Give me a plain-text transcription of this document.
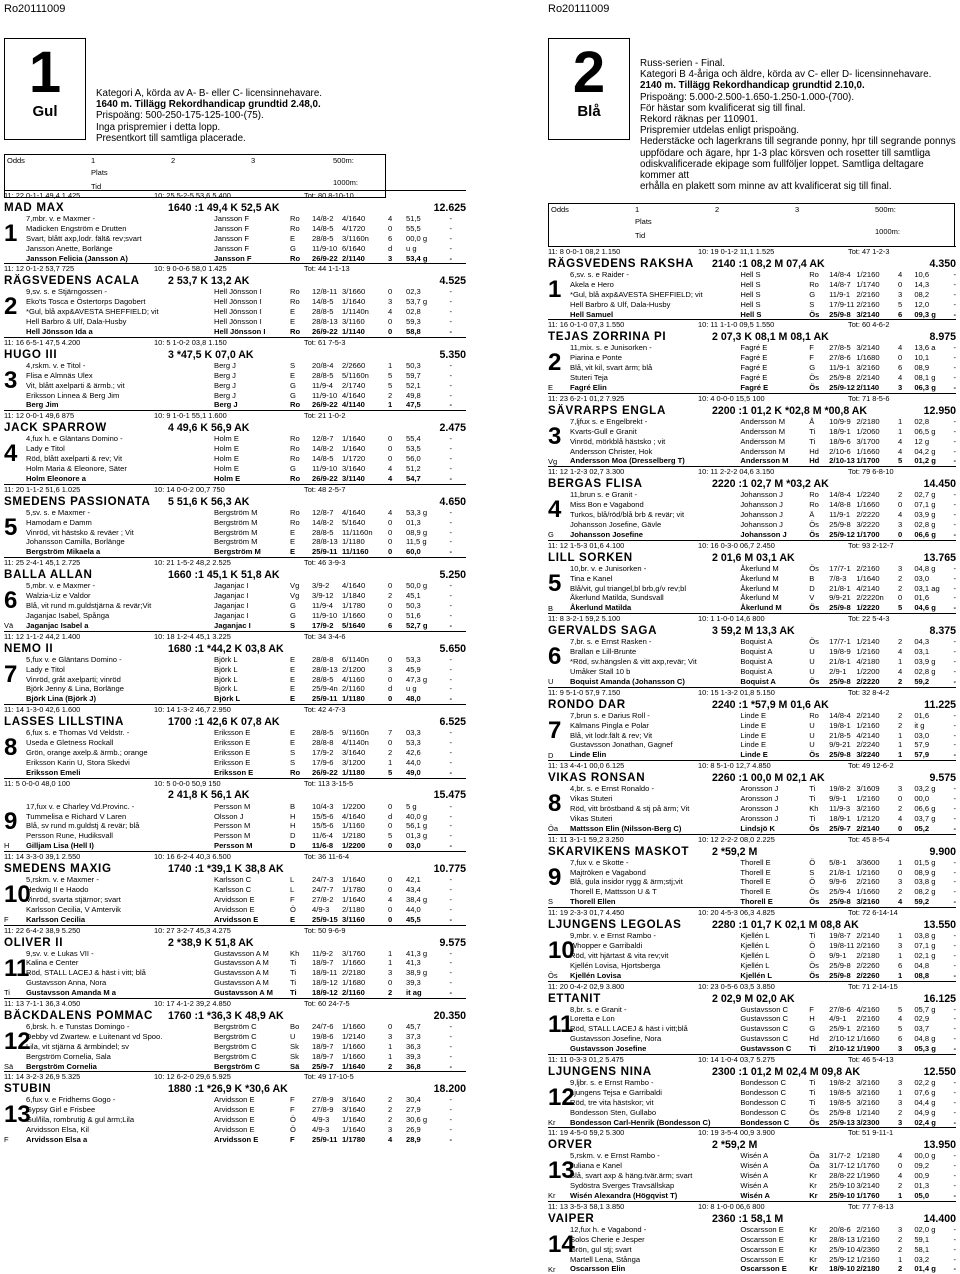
Ro20111009
1
Gul
Kategori A, körda av A- B- eller C- licensinnehavare.
1640 m. Tillägg Rekordhandicap grundtid 2.48,0.
Prispoäng: 500-250-175-125-100-(75).
Inga prispremier i detta lopp.
Presentkort till samtliga placerade.
Odds	1	2	3	500m:
Plats
Tid	1000m:
11: 22 0-1-1 49,4 1.425	10: 25 5-2-5 53,6 5.400	Tot: 80 8-10-10
MAD MAX	1640 :1 49,4 K 52,5 AK	12.625
1
7,mbr. v. e Maxmer -	Jansson F	Ro	14/8-2	4/1640	4	51,5	-
Madicken Engström e Drutten	Jansson F	Ro	14/8-5	4/1720	0	55,5	-
Svart, blått axp,lodr. fält& rev;svart	Jansson F	E	28/8-5	3/1160n	6	00,0 g	-
Jansson Anette, Borlänge	Jansson F	G	11/9-10 6/1640	d	u g	-
Jansson Felicia (Jansson A)	Jansson F	Ro	26/9-22 2/1140	3	53,4 g	-
11: 12 0-1-2 53,7 725	10: 9 0-0-6 58,0 1.425	Tot: 44 1-1-13
RÄGSVEDENS ACALA	2 53,7 K 13,2 AK	4.525
2
9,sv. s. e Stjärngossen -	Hell Jönsson I	Ro	12/8-11 3/1660	0	02,3	-
Eko'ts Tosca e Östertorps Dagobert	Hell Jönsson I	Ro	14/8-5	1/1640	3	53,7 g	-
*Gul, blå axp&AVESTA SHEFFIELD; vit	Hell Jönsson I	E	28/8-5	1/1140n	4	02,8	-
Hell Barbro & Ulf, Dala-Husby	Hell Jönsson I	E	28/8-13 3/1160	0	59,3	-
Hell Jönsson Ida a	Hell Jönsson I	Ro	26/9-22 1/1140	0	58,8	-
11: 16 6-5-1 47,5 4.200	10: 5 1-0-2 03,8 1.150	Tot: 61 7-5-3
HUGO III	3 *47,5 K 07,0 AK	5.350
3
4,rskm. v. e Titol -	Berg J	S	20/8-4	2/2660	1	50,3	-
Flisa e Almnäs Ulex	Berg J	E	28/8-5	5/1160n	5	59,7	-
Vit, blått axelparti & ärmb.; vit	Berg J	G	11/9-4	2/1740	5	52,1	-
Eriksson Linnea & Berg Jim	Berg J	G	11/9-10 4/1640	2	49,8	-
Berg Jim	Berg J	Ro	26/9-22 4/1140	1	47,5	-
11: 12 0-0-1 49,6 875	10: 9 1-0-1 55,1 1.600	Tot: 21 1-0-2
JACK SPARROW	4 49,6 K 56,9 AK	2.475
4
4,fux h. e Gläntans Domino -	Holm E	Ro	12/8-7	1/1640	0	55,4	-
Lady e Titol	Holm E	Ro	14/8-2	1/1640	0	53,5	-
Röd, blått axelparti & rev; Vit	Holm E	Ro	14/8-5	1/1720	0	56,0	-
Holm Maria & Eleonore, Säter	Holm E	G	11/9-10 3/1640	4	51,2	-
Holm Eleonore a	Holm E	Ro	26/9-22 3/1140	4	54,7	-
11: 20 1-1-2 51,6 1.025	10: 14 0-0-2 00,7 750	Tot: 48 2-5-7
SMEDENS PASSIONATA	5 51,6 K 56,3 AK	4.650
5
5,sv. s. e Maxmer -	Bergström M	Ro	12/8-7	4/1640	4	53,3 g	-
Hamodam e Damm	Bergström M	Ro	14/8-2	5/1640	0	01,3	-
Vinröd, vit hästsko & reväer ; Vit	Bergström M	E	28/8-5	11/1160n	0	08,9 g	-
Johansson Camilla, Borlänge	Bergström M	E	28/8-13 1/1180	0	11,5 g	-
Bergström Mikaela a	Bergström M	E	25/9-11 11/1160	0	60,0	-
11: 25 2-4-1 45,1 2.725	10: 21 1-5-2 48,2 2.525	Tot: 46 3-9-3
BALLA ALLAN	1660 :1 45,1 K 51,8 AK	5.250
6
Vä
5,mbr. v. e Maxmer -	Jaganjac I	Vg	3/9-2	4/1640	0	50,0 g	-
Walzia-Liz e Valdor	Jaganjac I	Vg	3/9-12	1/1840	2	45,1	-
Blå, vit rund m.guldstjärna & revär;Vit	Jaganjac I	G	11/9-4	1/1780	0	50,3	-
Jaganjac Isabel, Spånga	Jaganjac I	G	11/9-10 1/1660	0	51,6	-
Jaganjac Isabel a	Jaganjac I	S	17/9-2	5/1640	6	52,7 g	-
11: 12 1-1-2 44,2 1.400	10: 18 1-2-4 45,1 3.225	Tot: 34 3-4-6
NEMO II	1680 :1 *44,2 K 03,8 AK	5.650
7
5,fux v. e Gläntans Domino -	Björk L	E	28/8-8	6/1140n	0	53,3	-
Lady e Titol	Björk L	E	28/8-13 2/1200	3	45,9	-
Vinröd, gråt axelparti; vinröd	Björk L	E	28/8-5	4/1160	0	47,3 g	-
Björk Jenny & Lina, Borlänge	Björk L	E	25/9-4n 2/1160	d	u g	-
Björk Lina (Björk J)	Björk L	E	25/9-11 1/1180	0	48,0	-
11: 14 1-3-0 42,6 1.600	10: 14 1-3-2 46,7 2.950	Tot: 42 4-7-3
LASSES LILLSTINA	1700 :1 42,6 K 07,8 AK	6.525
8
6,fux s. e Thomas Vd Veldstr. -	Eriksson E	E	28/8-5	9/1160n	7	03,3	-
Useda e Gletness Rockall	Eriksson E	E	28/8-8	4/1140n	0	53,3	-
Grön, orange axelp.& ärmb.; orange	Eriksson E	S	17/9-2	3/1640	2	42,6	-
Eriksson Karin U, Stora Skedvi	Eriksson E	S	17/9-6	3/1200	1	44,0	-
Eriksson Emeli	Eriksson E	Ro	26/9-22 1/1180	5	49,0	-
11: 5 0-0-0 48,0 100	10: 5 0-0-0 50,9 150	Tot: 113 3-15-5
2 41,8 K 56,1 AK	15.475
9
H
17,fux v. e Charley Vd.Provinc. -	Persson M	B	10/4-3	1/2200	0	5 g	-
Tummelisa e Richard V Laren	Olsson J	H	15/5-6	4/1640	d	40,0 g	-
Blå, sv rund m.guldstj & revär; blå	Persson M	H	15/5-6	1/1160	0	56,1 g	-
Persson Rune, Hudiksvall	Persson M	D	11/6-4	1/2180	5	01,3 g	-
Gilljam Lisa (Hell I)	Persson M	D	11/6-8	1/2200	0	03,0	-
11: 14 3-3-0 39,1 2.550	10: 16 6-2-4 40,3 6.500	Tot: 36 11-6-4
SMEDENS MAXIG	1740 :1 *39,1 K 38,8 AK	10.775
10
F
5,rskm. v. e Maxmer -	Karlsson C	L	24/7-3	1/1640	0	42,1	-
Hedwig II e Haodo	Karlsson C	L	24/7-7	1/1780	0	43,4	-
Vinröd, svarta stjärnor; svart	Arvidsson E	F	27/8-2	1/1640	4	38,4 g	-
Karlsson Cecilia, V Amtervik	Arvidsson E	Ö	4/9-3	2/1180	0	44,0	-
Karlsson Cecilia	Arvidsson E	E	25/9-15 3/1160	0	45,5	-
11: 22 6-4-2 38,9 5.250	10: 27 3-2-7 45,3 4.275	Tot: 50 9-6-9
OLIVER II	2 *38,9 K 51,8 AK	9.575
11
Ti
9,sv. v. e Lukas VII -	Gustavsson A M	Kh	11/9-2	3/1760	1	41,3 g	-
Kalina e Center	Gustavsson A M	Ti	18/9-7	1/1660	1	41,3	-
Röd, STALL LACEJ & häst i vitt; blå	Gustavsson A M	Ti	18/9-11 2/2180	3	38,9 g	-
Gustavsson Anna, Nora	Gustavsson A M	Ti	18/9-12 1/1680	0	39,3	-
Gustavsson Amanda M a	Gustavsson A M	Ti	18/9-12 2/1160	2	it ag	-
11: 13 7-1-1 36,3 4.050	10: 17 4-1-2 39,2 4.850	Tot: 60 24-7-5
BÄCKDALENS POMMAC	1760 :1 *36,3 K 48,9 AK	20.350
12
Sä
6,brsk. h. e Tunstas Domingo -	Bergström C	Bo	24/7-6	1/1660	0	45,7	-
Debby vd Zwartew. e Luitenant vd Spoo.	Bergström C	U	19/8-6	1/2140	3	37,3	-
Lila, vit stjärna & ärmbindel; sv	Bergström C	Sk	18/9-7	1/1660	1	36,3	-
Bergström Cornelia, Sala	Bergström C	Sk	18/9-7	1/1660	1	39,3	-
Bergström Cornelia	Bergström C	Sä	25/9-7	1/1640	2	36,8	-
11: 14 3-2-3 26,9 5.325	10: 12 6-2-0 29,6 5.925	Tot: 49 17-10-5
STUBIN	1880 :1 *26,9 K *30,6 AK	18.200
13
F
6,fux v. e Fridhems Gogo -	Arvidsson E	F	27/8-9	3/1640	2	30,4	-
Gypsy Girl e Frisbee	Arvidsson E	F	27/8-9	3/1640	2	27,9	-
Gul/lila, rombrutig & gul ärm;Lila	Arvidsson E	Ö	4/9-3	1/1640	2	30,6 g	-
Arvidsson Elsa, Kil	Arvidsson E	Ö	4/9-3	1/1640	3	26,9	-
Arvidsson Elsa a	Arvidsson E	F	25/9-11 1/1780	4	28,9	-
Ro20111009
2
Blå
Russ-serien - Final.
Kategori B 4-åriga och äldre, körda av C- eller D- licensinnehavare.
2140 m. Tillägg Rekordhandicap grundtid 2.10,0.
Prispoäng: 5.000-2.500-1.650-1.250-1.000-(700).
För hästar som kvalificerat sig till final.
Rekord räknas per 110901.
Prispremier utdelas enligt prispoäng.
Hederstäcke och lagerkrans till segrande ponny, hpr till segrande ponnys
uppfödare och ägare, hpr 1-3 plac körsven och rosetter till samtliga
odiskvalificerade ekipage som fullföljer loppet. Samtliga deltagare kommer att
erhålla en plakett som minne av att kvalificerat sig till final.
Odds	1	2	3	500m:
Plats
Tid	1000m:
11: 8 0-0-1 08,2 1.150	10: 19 0-1-2 11,1 1.525	Tot: 47 1-2-3
RÄGSVEDENS RAKSHA	2140 :1 08,2 M 07,4 AK	4.350
1
6,sv. s. e Raider -	Hell S	Ro	14/8-4 1/2160	4	10,6	-
Akela e Hero	Hell S	Ro	14/8-7 1/1740	0	14,3	-
*Gul, blå axp&AVESTA SHEFFIELD; vit	Hell S	G	11/9-1 2/2160	3	08,2	-
Hell Barbro & Ulf, Dala-Husby	Hell S	S	17/9-11 2/2160	5	12,0	-
Hell Samuel	Hell S	Ös	25/9-8 3/2140	6	09,3 g	-
11: 16 0-1-0 07,3 1.550	10: 11 1-1-0 09,5 1.550	Tot: 60 4-6-2
TEJAS ZORRINA PI	2 07,3 K 08,1 M 08,1 AK	8.975
2
E
11,mix. s. e Junisorken -	Fagré E	F	27/8-5 3/2140	4	13,6 a	-
Piarina e Ponte	Fagré E	F	27/8-6 1/1680	0	10,1	-
Blå, vit kil, svart ärm; blå	Fagré E	G	11/9-1 3/2160	6	08,9	-
Stuteri Teja	Fagré E	Ös	25/9-8 2/2140	4	08,1 g	-
Fagré Elin	Fagré E	Ös	25/9-12 2/1140	3	06,3 g	-
11: 23 6-2-1 01,2 7.925	10: 4 0-0-0 15,5 100	Tot: 71 8-5-6
SÄVRARPS ENGLA	2200 :1 01,2 K *02,8 M *00,8 AK	12.950
3
Vg
7,ljfux s. e Engelbrekt -	Andersson M	Å	10/9-9 2/2180	1	02,8	-
Kvarts-Gull e Granit	Andersson M	Ti	18/9-1 1/2060	1	06,5 g	-
Vinröd, mörkblå hästsko ; vit	Andersson M	Ti	18/9-6 3/1700	4	12 g	-
Andersson Christer, Hok	Andersson M	Hd	2/10-6 1/1660	4	04,2 g	-
Andersson Moa (Dresselberg T)	Andersson M	Hd	2/10-13 1/1700	5	01,2 g	-
11: 12 1-2-3 02,7 3.300	10: 11 2-2-2 04,6 3.150	Tot: 79 6-8-10
BERGAS FLISA	2220 :1 02,7 M *03,2 AK	14.450
4
G
11,brun s. e Granit -	Johansson J	Ro	14/8-4 1/2240	2	02,7 g	-
Miss Bon e Vagabond	Johansson J	Ro	14/8-8 1/1660	0	07,1 g	-
Turkos, blå/röd/blå brb & revär; vit	Johansson J	Ä	11/9-1 2/2220	4	03,9 g	-
Johansson Josefine, Gävle	Johansson J	Ös	25/9-8 3/2220	3	02,8 g	-
Johansson Josefine	Johansson J	Ös	25/9-12 1/1700	0	06,6 g	-
11: 12 1-5-3 01,6 4.100	10: 16 0-3-0 06,7 2.450	Tot: 93 2-12-7
LILL SORKEN	2 01,6 M 03,1 AK	13.765
5
B
10,br. v. e Junisorken -	Åkerlund M	Ös	17/7-1 2/2160	3	04,8 g	-
Tina e Kanel	Åkerlund M	B	7/8-3	1/1640	2	03,0	-
Blå/vit, gul triangel,bl brb,g/v rev;bl	Åkerlund M	D	21/8-1 4/2140	2	03,1 ag	-
Åkerlund Matilda, Sundsvall	Åkerlund M	V	9/9-21 2/2220n	0	01,6	-
Åkerlund Matilda	Åkerlund M	Ös	25/9-8 1/2220	5	04,6 g	-
11: 8 3-2-1 59,2 5.100	10: 1 1-0-0 14,6 800	Tot: 22 5-4-3
GERVALDS SAGA	3 59,2 M 13,3 AK	8.375
6
U
7,br. s. e Ernst Rasken -	Boquist A	Ös	17/7-1 1/2140	2	04,3	-
Brallan e Lill-Brunte	Boquist A	U	19/8-9 1/2160	4	03,1	-
*Röd, sv.hängslen & vitt axp,revär; Vit	Boquist A	U	21/8-1 4/2180	1	03,9 g	-
Umåker Stall 10 b	Boquist A	U	2/9-1	1/2200	4	02,8 g	-
Boquist Amanda (Johansson C)	Boquist A	Ös	25/9-8 2/2220	2	59,2	-
11: 9 5-1-0 57,9 7.150	10: 15 1-3-2 01,8 5.150	Tot: 32 8-4-2
RONDO DAR	2240 :1 *57,9 M 01,6 AK	11.225
7
D
7,brun s. e Darius Roll -	Linde E	Ro	14/8-4 2/2140	2	01,6	-
Kälmans Pingla e Polar	Linde E	U	19/8-1 1/2160	2	it g	-
Blå, vit lodr.fält & rev; Vit	Linde E	U	21/8-5 4/2140	1	03,0	-
Gustavsson Jonathan, Gagnef	Linde E	U	9/9-21 2/2240	1	57,9	-
Linde Elin	Linde E	Ös	25/9-8 3/2240	1	57,9	-
11: 13 4-4-1 00,0 6.125	10: 8 5-1-0 12,7 4.850	Tot: 49 12-6-2
VIKAS RONSAN	2260 :1 00,0 M 02,1 AK	9.575
8
Öa
4,br. s. e Ernst Ronaldo -	Aronsson J	Ti	19/8-2 3/1609	3	03,2 g	-
Vikas Stuteri	Aronsson J	Ti	9/9-1	1/2160	0	00,0	-
Röd, vitt bröstband & stj på ärm; Vit	Aronsson J	Kh	11/9-3 3/2160	2	06,6 g	-
Vikas Stuteri	Aronsson J	Ti	18/9-1 1/2120	4	03,7 g	-
Mattsson Elin (Nilsson-Berg C)	Lindsjö K	Ös	25/9-7 2/2140	0	05,2	-
11: 11 3-1-1 59,2 3.250	10: 12 2-2-2 08,0 2.225	Tot: 45 8-5-4
SKARVIKENS MASKOT	2 *59,2 M	9.900
9
S
7,fux v. e Skotte -	Thorell E	Ö	5/8-1	3/3600	1	01,5 g	-
Majtröken e Vagabond	Thorell E	S	21/8-1 1/2160	0	08,9 g	-
Blå, gula insidor rygg & ärm;stj;vit	Thorell E	Ö	9/9-6	2/2160	3	03,8 g	-
Thorell E, Mattsson U & T	Thorell E	Ös	25/9-4 1/1660	2	08,2 g	-
Thorell Ellen	Thorell E	Ös	25/9-8 3/2160	4	59,2	-
11: 19 2-3-3 01,7 4.450	10: 20 4-5-3 06,3 4.825	Tot: 72 6-14-14
LJUNGENS LEGOLAS	2280 :1 01,7 K 02,1 M 08,8 AK	13.550
10
Ös
9,mbr. v. e Ernst Rambo -	Kjellén L	Ti	19/8-7 2/2140	1	03,8 g	-
Whopper e Garribaldi	Kjellén L	Ö	19/8-11 2/2160	3	07,1 g	-
Röd, vitt hjärtast & vita rev;vit	Kjellén L	Ö	9/9-1	2/2180	1	02,1 g	-
Kjellén Lovisa, Hjortsberga	Kjellén L	Ös	25/9-8 2/2260	6	04,8	-
Kjellén Lovisa	Kjellén L	Ös	25/9-8 2/2260	1	08,8	-
11: 20 0-4-2 02,9 3.800	10: 23 0-5-6 03,5 3.850	Tot: 71 2-14-15
ETTANIT	2 02,9 M 02,0 AK	16.125
11
8,br. s. e Granit -	Gustavsson C	F	27/8-6 4/2160	5	05,7 g	-
Loretta e Lon	Gustavsson C	H	4/9-1	2/2160	4	02,9	-
Röd, STALL LACEJ & häst i vitt;blå	Gustavsson C	G	25/9-1 2/2160	5	03,7	-
Gustavsson Josefine, Nora	Gustavsson C	Hd	2/10-12 1/1660	6	04,8 g	-
Gustavsson Josefine	Gustavsson C	Ti	2/10-12 1/1900	3	05,3 g	-
11: 11 0-3-3 01,2 5.475	10: 14 1-0-4 03,7 5.275	Tot: 46 5-4-13
LJUNGENS NINA	2300 :1 01,2 M 02,4 M 09,8 AK	12.550
12
Kr
9,ljbr. s. e Ernst Rambo -	Bondesson C	Ti	19/8-2 3/2160	3	02,2 g	-
Ljungens Tejsa e Garribaldi	Bondesson C	Ti	19/8-5 3/2160	1	07,6 g	-
Röd, tre vita hästskor; vit	Bondesson C	Ti	19/8-5 3/2160	3	04,4 g	-
Bondesson Sten, Gullabo	Bondesson C	Ös	25/9-8 1/2140	2	04,9 g	-
Bondesson Carl-Henrik (Bondesson C)	Bondesson C	Ös	25/9-13 3/2300	3	02,4 g	-
11: 19 4-5-0 59,2 5.300	10: 19 3-5-4 00,9 3.900	Tot: 51 9-11-1
ORVER	2 *59,2 M	13.950
13
Kr
5,rskm. v. e Ernst Rambo -	Wisén A	Öa	31/7-2 1/2180	4	00,0 g	-
Juliana e Kanel	Wisén A	Öa	31/7-12 1/1760	0	09,2	-
Blå, svart axp & häng.tvär.ärm; svart	Wisén A	Kr	28/8-22 1/1960	4	00,9	-
Sydöstra Sverges Travsällskap	Wisén A	Kr	25/9-10 3/2140	2	01,3	-
Wisén Alexandra (Högqvist T)	Wisén A	Kr	25/9-10 1/1760	1	05,0	-
11: 13 3-5-3 58,1 3.850	10: 8 1-0-0 06,6 800	Tot: 77 7-8-13
VAIPER	2360 :1 58,1 M	14.400
14
Kr
12,fux h. e Vagabond -	Oscarsson E	Kr	20/8-6 2/2160	3	02,0 g	-
Solos Cherie e Jesper	Oscarsson E	Kr	28/8-13 1/2160	2	59,1	-
Grön, gul stj; svart	Oscarsson E	Kr	25/9-10 4/2360	2	58,1	-
Martell Lena, Stånga	Oscarsson E	Kr	25/9-12 1/2160	1	03,2	-
Oscarsson Elin	Oscarsson E	Kr	18/9-10 2/2180	2	01,4 g	-
